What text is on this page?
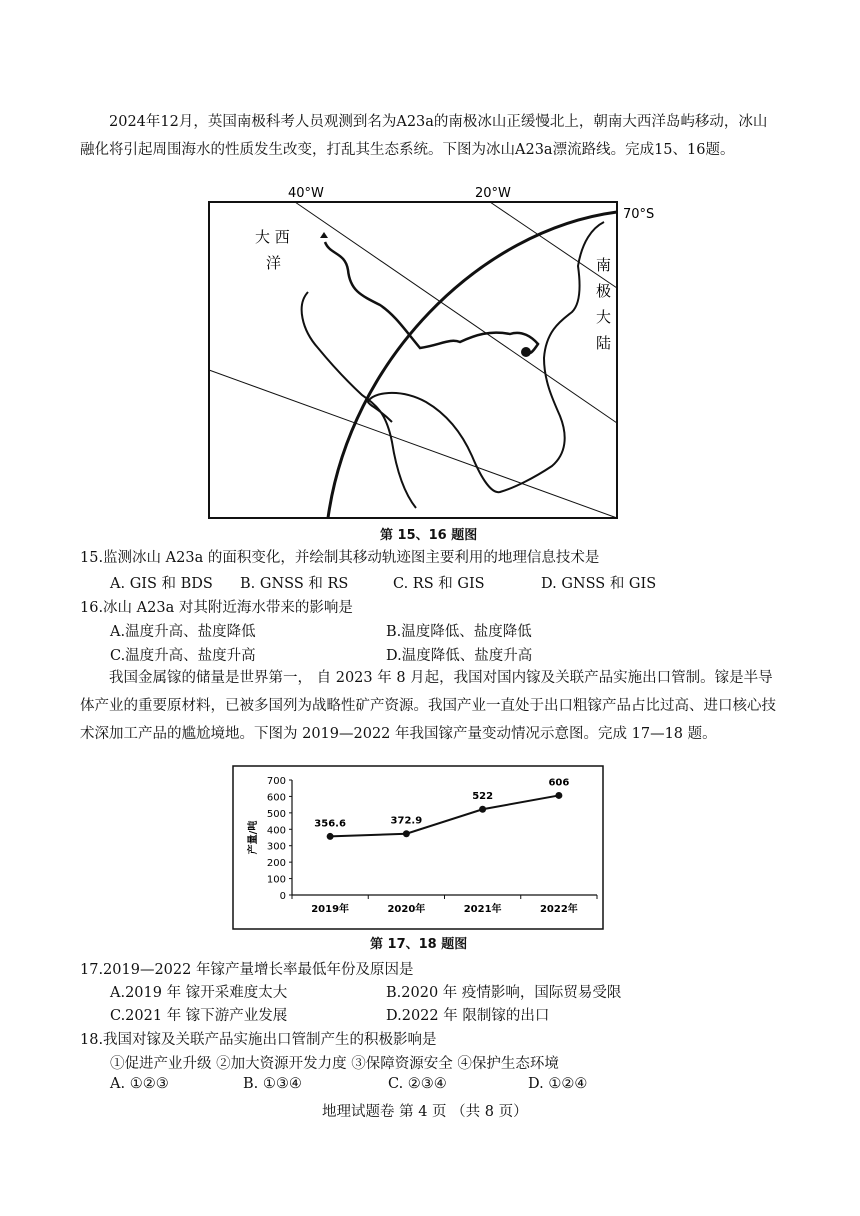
2024年12月，英国南极科考人员观测到名为A23a的南极冰山正缓慢北上，朝南大西洋岛屿移动，冰山融化将引起周围海水的性质发生改变，打乱其生态系统。下图为冰山A23a漂流路线。完成15、16题。
40°W	20°W
70°S
大 西
洋	南
极
大
陆
第 15、16 题图
15.监测冰山 A23a 的面积变化，并绘制其移动轨迹图主要利用的地理信息技术是
A. GIS 和 BDS B. GNSS 和 RS	C. RS 和 GIS	D. GNSS 和 GIS
16.冰山 A23a 对其附近海水带来的影响是
A.温度升高、盐度降低	B.温度降低、盐度降低
C.温度升高、盐度升高	D.温度降低、盐度升高
我国金属镓的储量是世界第一， 自 2023 年 8 月起，我国对国内镓及关联产品实施出口管制。镓是半导体产业的重要原材料，已被多国列为战略性矿产资源。我国产业一直处于出口粗镓产品占比过高、进口核心技术深加工产品的尴尬境地。下图为 2019—2022 年我国镓产量变动情况示意图。完成 17—18 题。
0
100
200
300
400
500
600
700
2019年	2020年	2021年	2022年
产量/吨	356.6	372.9
522
606
第 17、18 题图
17.2019—2022 年镓产量增长率最低年份及原因是
A.2019 年 镓开采难度太大	B.2020 年 疫情影响，国际贸易受限
C.2021 年 镓下游产业发展	D.2022 年 限制镓的出口
18.我国对镓及关联产品实施出口管制产生的积极影响是
①促进产业升级 ②加大资源开发力度 ③保障资源安全 ④保护生态环境
A. ①②③	B. ①③④	C. ②③④	D. ①②④
地理试题卷 第 4 页 （共 8 页）
